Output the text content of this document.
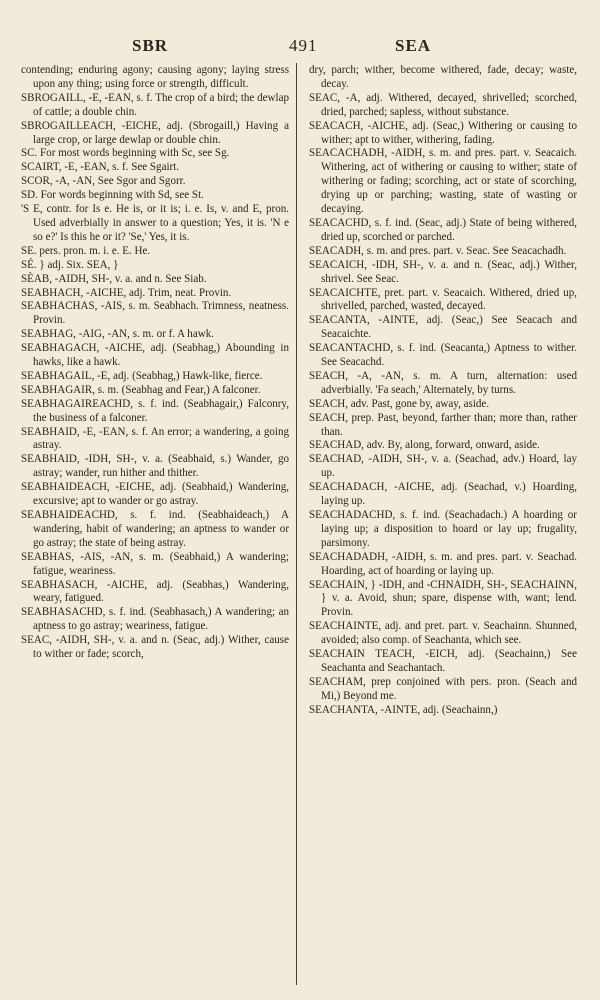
SBR	491	SEA
contending; enduring agony; causing agony; laying stress upon any thing; using force or strength, difficult.
SBROGAILL, -E, -EAN, s. f. The crop of a bird; the dewlap of cattle; a double chin.
SBROGAILLEACH, -EICHE, adj. (Sbrogaill,) Having a large crop, or large dewlap or double chin.
SC. For most words beginning with Sc, see Sg.
SCAIRT, -E, -EAN, s. f. See Sgairt.
SCOR, -A, -AN, See Sgor and Sgorr.
SD. For words beginning with Sd, see St.
'S E, contr. for Is e. He is, or it is; i. e. Is, v. and E, pron. Used adverbially in answer to a question; Yes, it is. 'N e so e?' Is this he or it? 'Se,' Yes, it is.
SE. pers. pron. m. i. e. E. He.
SÉ. } adj. Six. SEA, }
SÈAB, -AIDH, SH-, v. a. and n. See Siab.
SEABHACH, -AICHE, adj. Trim, neat. Provin.
SEABHACHAS, -AIS, s. m. Seabhach. Trimness, neatness. Provin.
SEABHAG, -AIG, -AN, s. m. or f. A hawk.
SEABHAGACH, -AICHE, adj. (Seabhag,) Abounding in hawks, like a hawk.
SEABHAGAIL, -E, adj. (Seabhag,) Hawk-like, fierce.
SEABHAGAIR, s. m. (Seabhag and Fear,) A falconer.
SEABHAGAIREACHD, s. f. ind. (Seabhagair,) Falconry, the business of a falconer.
SEABHAID, -E, -EAN, s. f. An error; a wandering, a going astray.
SEABHAID, -IDH, SH-, v. a. (Seabhaid, s.) Wander, go astray; wander, run hither and thither.
SEABHAIDEACH, -EICHE, adj. (Seabhaid,) Wandering, excursive; apt to wander or go astray.
SEABHAIDEACHD, s. f. ind. (Seabhaideach,) A wandering, habit of wandering; an aptness to wander or go astray; the state of being astray.
SEABHAS, -AIS, -AN, s. m. (Seabhaid,) A wandering; fatigue, weariness.
SEABHASACH, -AICHE, adj. (Seabhas,) Wandering, weary, fatigued.
SEABHASACHD, s. f. ind. (Seabhasach,) A wandering; an aptness to go astray; weariness, fatigue.
SEAC, -AIDH, SH-, v. a. and n. (Seac, adj.) Wither, cause to wither or fade; scorch,
dry, parch; wither, become withered, fade, decay; waste, decay.
SEAC, -A, adj. Withered, decayed, shrivelled; scorched, dried, parched; sapless, without substance.
SEACACH, -AICHE, adj. (Seac,) Withering or causing to wither; apt to wither, withering, fading.
SEACACHADH, -AIDH, s. m. and pres. part. v. Seacaich. Withering, act of withering or causing to wither; state of withering or fading; scorching, act or state of scorching, drying up or parching; wasting, state of wasting or decaying.
SEACACHD, s. f. ind. (Seac, adj.) State of being withered, dried up, scorched or parched.
SEACADH, s. m. and pres. part. v. Seac. See Seacachadh.
SEACAICH, -IDH, SH-, v. a. and n. (Seac, adj.) Wither, shrivel. See Seac.
SEACAICHTE, pret. part. v. Seacaich. Withered, dried up, shrivelled, parched, wasted, decayed.
SEACANTA, -AINTE, adj. (Seac,) See Seacach and Seacaichte.
SEACANTACHD, s. f. ind. (Seacanta,) Aptness to wither. See Seacachd.
SEACH, -A, -AN, s. m. A turn, alternation: used adverbially. 'Fa seach,' Alternately, by turns.
SEACH, adv. Past, gone by, away, aside.
SEACH, prep. Past, beyond, farther than; more than, rather than.
SEACHAD, adv. By, along, forward, onward, aside.
SEACHAD, -AIDH, SH-, v. a. (Seachad, adv.) Hoard, lay up.
SEACHADACH, -AICHE, adj. (Seachad, v.) Hoarding, laying up.
SEACHADACHD, s. f. ind. (Seachadach.) A hoarding or laying up; a disposition to hoard or lay up; frugality, parsimony.
SEACHADADH, -AIDH, s. m. and pres. part. v. Seachad. Hoarding, act of hoarding or laying up.
SEACHAIN, } -IDH, and -CHNAIDH, SH-, SEACHAINN, } v. a. Avoid, shun; spare, dispense with, want; lend. Provin.
SEACHAINTE, adj. and pret. part. v. Seachainn. Shunned, avoided; also comp. of Seachanta, which see.
SEACHAIN TEACH, -EICH, adj. (Seachainn,) See Seachanta and Seachantach.
SEACHAM, prep conjoined with pers. pron. (Seach and Mi,) Beyond me.
SEACHANTA, -AINTE, adj. (Seachainn,)
